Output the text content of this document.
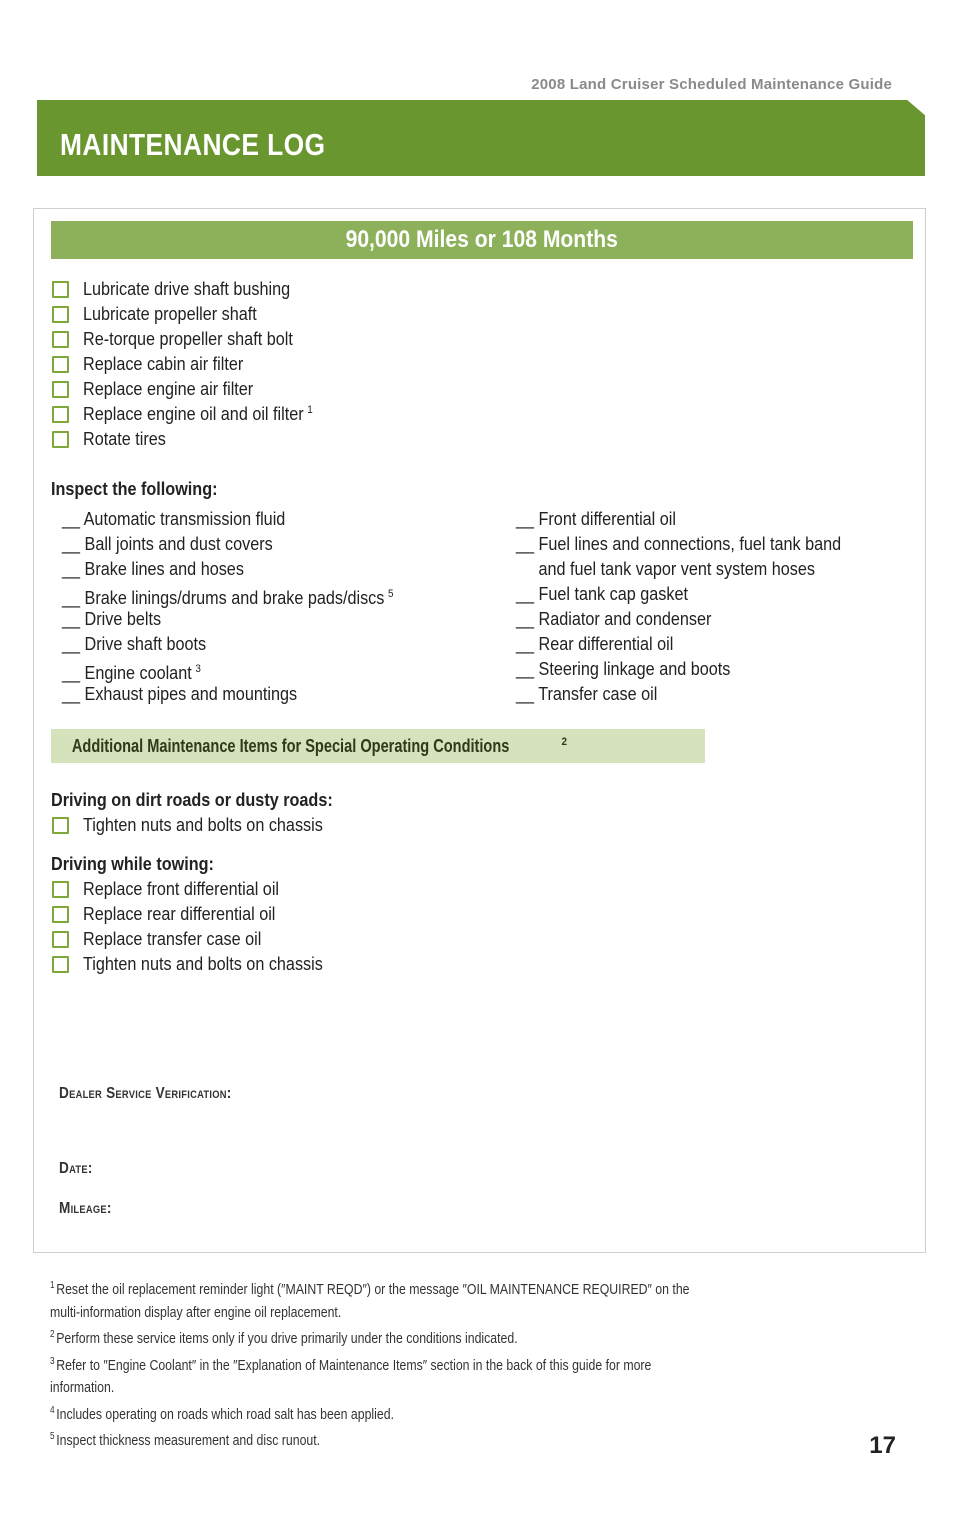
2008 Land Cruiser Scheduled Maintenance Guide
MAINTENANCE LOG
90,000 Miles or 108 Months
Lubricate drive shaft bushing
Lubricate propeller shaft
Re-torque propeller shaft bolt
Replace cabin air filter
Replace engine air filter
Replace engine oil and oil filter $^1$
Rotate tires
Inspect the following:
__ Automatic transmission fluid
__ Ball joints and dust covers
__ Brake lines and hoses
__ Brake linings/drums and brake pads/discs $^5$
__ Drive belts
__ Drive shaft boots
__ Engine coolant $^3$
__ Exhaust pipes and mountings
__ Front differential oil
__ Fuel lines and connections, fuel tank band
and fuel tank vapor vent system hoses
__ Fuel tank cap gasket
__ Radiator and condenser
__ Rear differential oil
__ Steering linkage and boots
__ Transfer case oil
Additional Maintenance Items for Special Operating Conditions	$^2$
Driving on dirt roads or dusty roads:
Tighten nuts and bolts on chassis
Driving while towing:
Replace front differential oil
Replace rear differential oil
Replace transfer case oil
Tighten nuts and bolts on chassis
Dealer Service Verification:
Date:
Mileage:
$^1$ Reset the oil replacement reminder light (″MAINT REQD″) or the message ″OIL MAINTENANCE REQUIRED″ on the
multi-information display after engine oil replacement.
$^2$ Perform these service items only if you drive primarily under the conditions indicated.
$^3$ Refer to ″Engine Coolant″ in the ″Explanation of Maintenance Items″ section in the back of this guide for more
information.
$^4$ Includes operating on roads which road salt has been applied.
$^5$ Inspect thickness measurement and disc runout.	17
